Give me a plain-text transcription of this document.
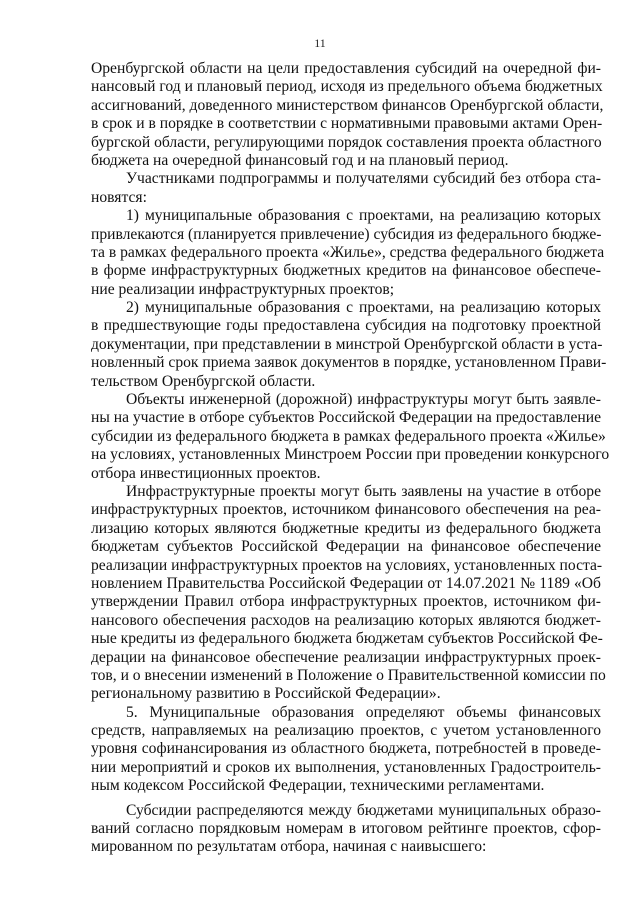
11
Оренбургской области на цели предоставления субсидий на очередной фи-
нансовый год и плановый период, исходя из предельного объема бюджетных
ассигнований, доведенного министерством финансов Оренбургской области,
в срок и в порядке в соответствии с нормативными правовыми актами Орен-
бургской области, регулирующими порядок составления проекта областного
бюджета на очередной финансовый год и на плановый период.
Участниками подпрограммы и получателями субсидий без отбора ста-
новятся:
1) муниципальные образования с проектами, на реализацию которых
привлекаются (планируется привлечение) субсидия из федерального бюдже-
та в рамках федерального проекта «Жилье», средства федерального бюджета
в форме инфраструктурных бюджетных кредитов на финансовое обеспече-
ние реализации инфраструктурных проектов;
2) муниципальные образования с проектами, на реализацию которых
в предшествующие годы предоставлена субсидия на подготовку проектной
документации, при представлении в минстрой Оренбургской области в уста-
новленный срок приема заявок документов в порядке, установленном Прави-
тельством Оренбургской области.
Объекты инженерной (дорожной) инфраструктуры могут быть заявле-
ны на участие в отборе субъектов Российской Федерации на предоставление
субсидии из федерального бюджета в рамках федерального проекта «Жилье»
на условиях, установленных Минстроем России при проведении конкурсного
отбора инвестиционных проектов.
Инфраструктурные проекты могут быть заявлены на участие в отборе
инфраструктурных проектов, источником финансового обеспечения на реа-
лизацию которых являются бюджетные кредиты из федерального бюджета
бюджетам субъектов Российской Федерации на финансовое обеспечение
реализации инфраструктурных проектов на условиях, установленных поста-
новлением Правительства Российской Федерации от 14.07.2021 № 1189 «Об
утверждении Правил отбора инфраструктурных проектов, источником фи-
нансового обеспечения расходов на реализацию которых являются бюджет-
ные кредиты из федерального бюджета бюджетам субъектов Российской Фе-
дерации на финансовое обеспечение реализации инфраструктурных проек-
тов, и о внесении изменений в Положение о Правительственной комиссии по
региональному развитию в Российской Федерации».
5. Муниципальные образования определяют объемы финансовых
средств, направляемых на реализацию проектов, с учетом установленного
уровня софинансирования из областного бюджета, потребностей в проведе-
нии мероприятий и сроков их выполнения, установленных Градостроитель-
ным кодексом Российской Федерации, техническими регламентами.
Субсидии распределяются между бюджетами муниципальных образо-
ваний согласно порядковым номерам в итоговом рейтинге проектов, сфор-
мированном по результатам отбора, начиная с наивысшего:
